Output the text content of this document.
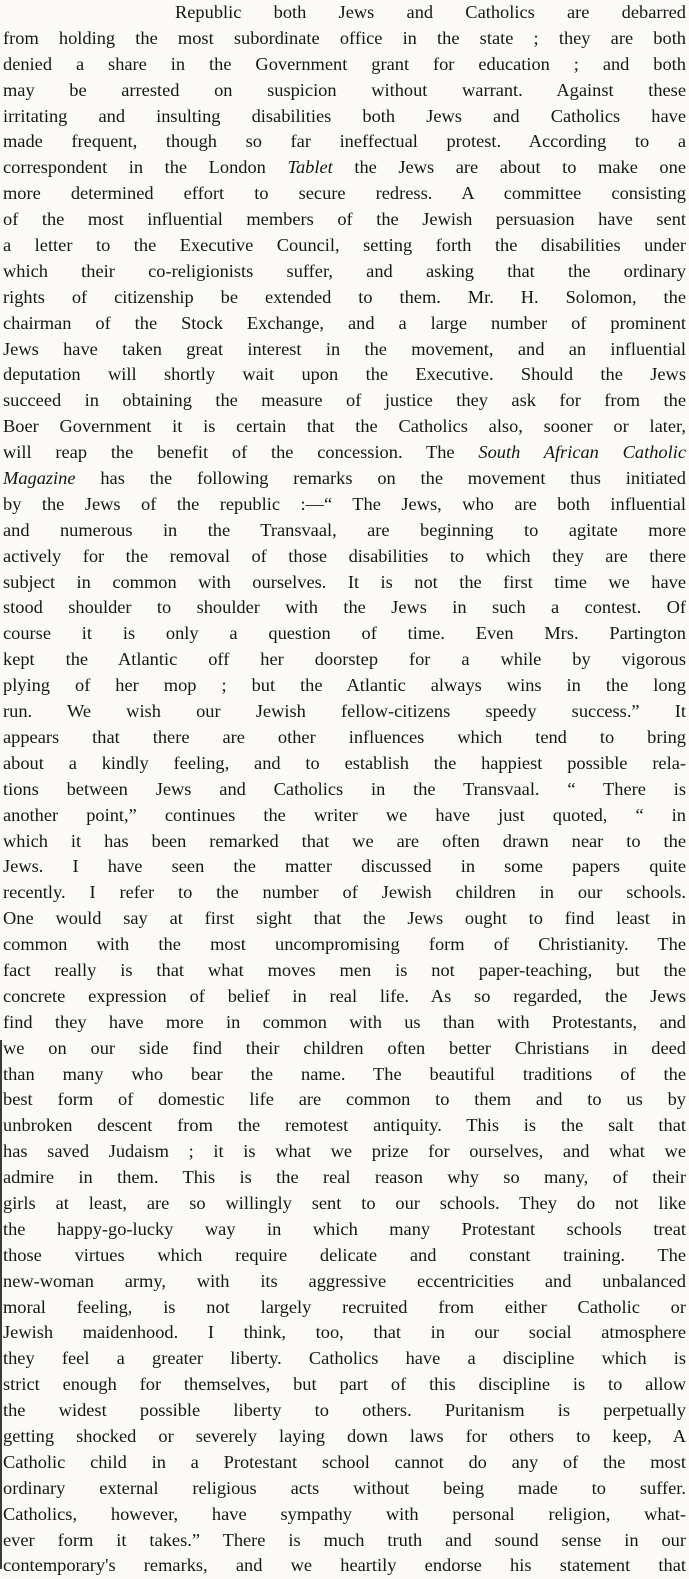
Republic both Jews and Catholics are debarred
from holding the most subordinate office in the state ; they are both
denied a share in the Government grant for education ; and both
may be arrested on suspicion without warrant. Against these
irritating and insulting disabilities both Jews and Catholics have
made frequent, though so far ineffectual protest. According to a
correspondent in the London Tablet the Jews are about to make one
more determined effort to secure redress. A committee consisting
of the most influential members of the Jewish persuasion have sent
a letter to the Executive Council, setting forth the disabilities under
which their co-religionists suffer, and asking that the ordinary
rights of citizenship be extended to them. Mr. H. Solomon, the
chairman of the Stock Exchange, and a large number of prominent
Jews have taken great interest in the movement, and an influential
deputation will shortly wait upon the Executive. Should the Jews
succeed in obtaining the measure of justice they ask for from the
Boer Government it is certain that the Catholics also, sooner or later,
will reap the benefit of the concession. The South African Catholic
Magazine has the following remarks on the movement thus initiated
by the Jews of the republic :—“ The Jews, who are both influential
and numerous in the Transvaal, are beginning to agitate more
actively for the removal of those disabilities to which they are there
subject in common with ourselves. It is not the first time we have
stood shoulder to shoulder with the Jews in such a contest. Of
course it is only a question of time. Even Mrs. Partington
kept the Atlantic off her doorstep for a while by vigorous
plying of her mop ; but the Atlantic always wins in the long
run. We wish our Jewish fellow-citizens speedy success.” It
appears that there are other influences which tend to bring
about a kindly feeling, and to establish the happiest possible rela-
tions between Jews and Catholics in the Transvaal. “ There is
another point,” continues the writer we have just quoted, “ in
which it has been remarked that we are often drawn near to the
Jews. I have seen the matter discussed in some papers quite
recently. I refer to the number of Jewish children in our schools.
One would say at first sight that the Jews ought to find least in
common with the most uncompromising form of Christianity. The
fact really is that what moves men is not paper-teaching, but the
concrete expression of belief in real life. As so regarded, the Jews
find they have more in common with us than with Protestants, and
we on our side find their children often better Christians in deed
than many who bear the name. The beautiful traditions of the
best form of domestic life are common to them and to us by
unbroken descent from the remotest antiquity. This is the salt that
has saved Judaism ; it is what we prize for ourselves, and what we
admire in them. This is the real reason why so many, of their
girls at least, are so willingly sent to our schools. They do not like
the happy-go-lucky way in which many Protestant schools treat
those virtues which require delicate and constant training. The
new-woman army, with its aggressive eccentricities and unbalanced
moral feeling, is not largely recruited from either Catholic or
Jewish maidenhood. I think, too, that in our social atmosphere
they feel a greater liberty. Catholics have a discipline which is
strict enough for themselves, but part of this discipline is to allow
the widest possible liberty to others. Puritanism is perpetually
getting shocked or severely laying down laws for others to keep, A
Catholic child in a Protestant school cannot do any of the most
ordinary external religious acts without being made to suffer.
Catholics, however, have sympathy with personal religion, what-
ever form it takes.” There is much truth and sound sense in our
contemporary's remarks, and we heartily endorse his statement that
